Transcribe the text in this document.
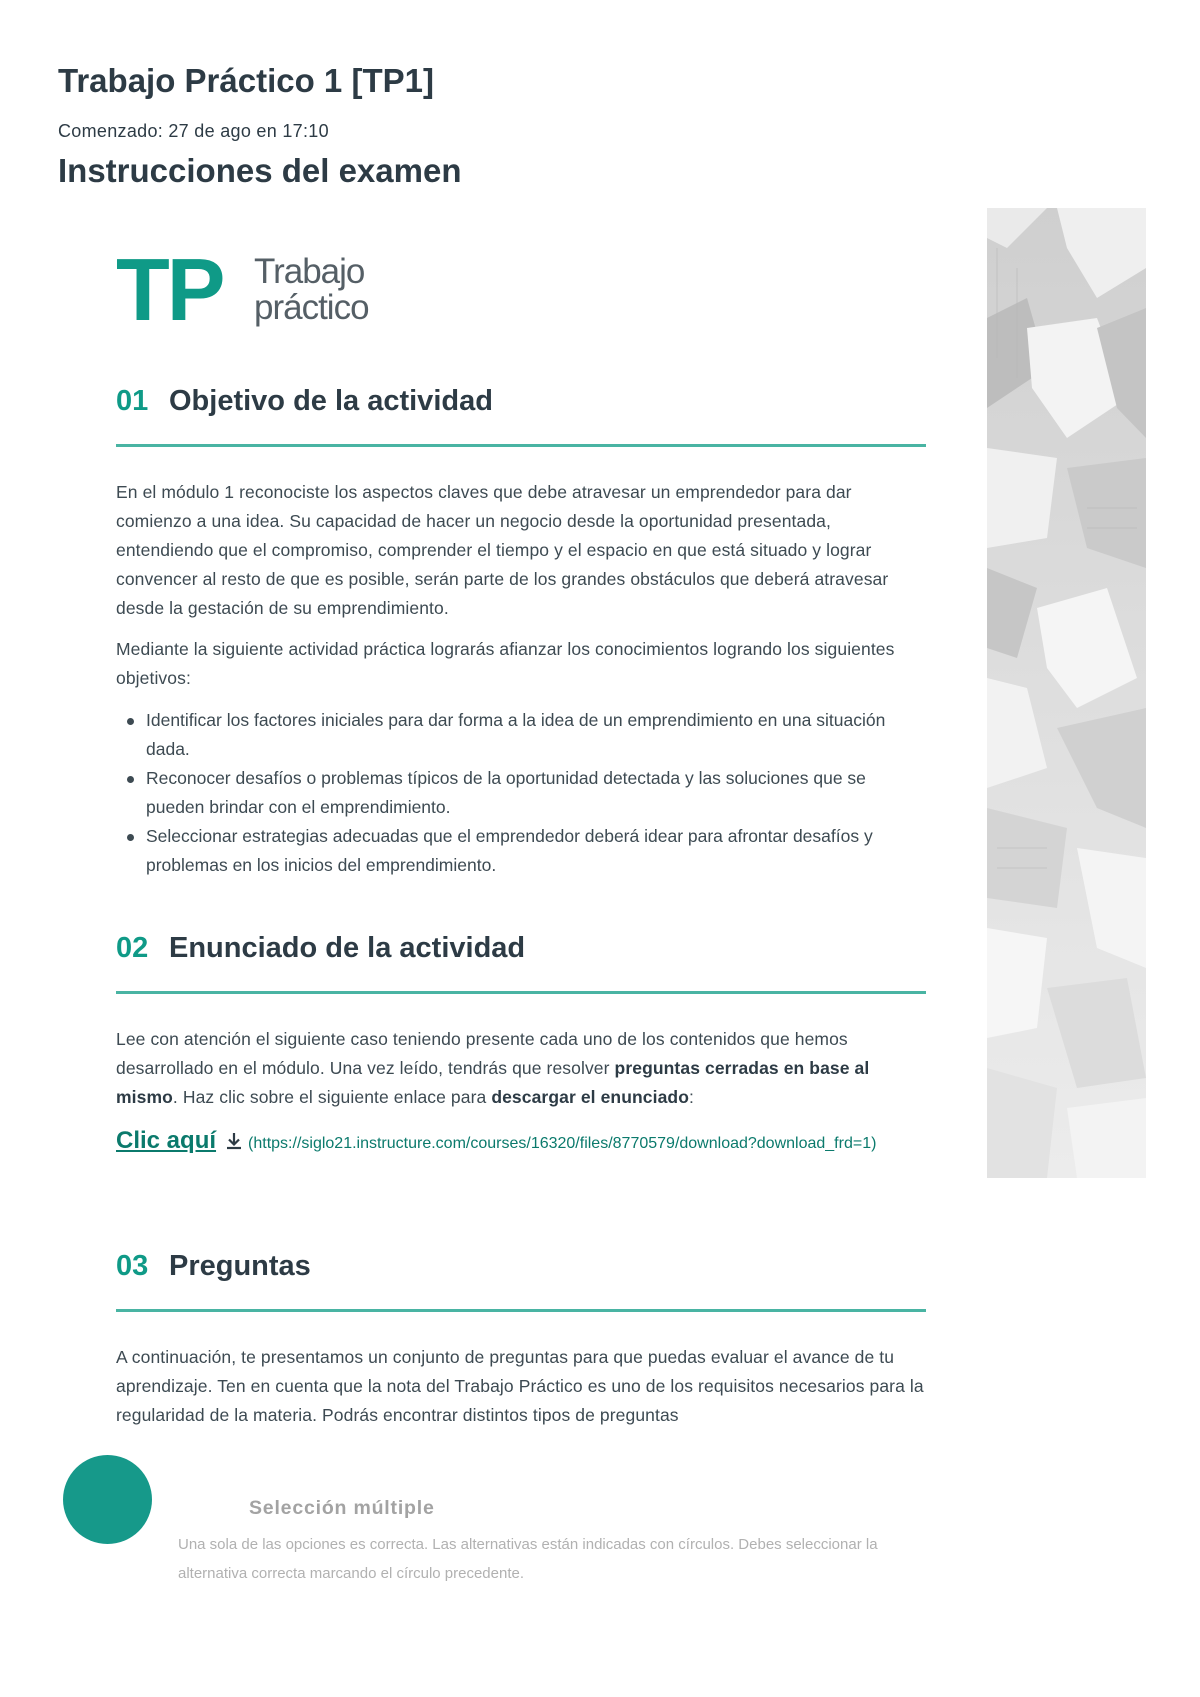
Trabajo Práctico 1 [TP1]
Comenzado: 27 de ago en 17:10
Instrucciones del examen
TP Trabajo
práctico
01 Objetivo de la actividad

En el módulo 1 reconociste los aspectos claves que debe atravesar un emprendedor para dar comienzo a una idea. Su capacidad de hacer un negocio desde la oportunidad presentada, entendiendo que el compromiso, comprender el tiempo y el espacio en que está situado y lograr convencer al resto de que es posible, serán parte de los grandes obstáculos que deberá atravesar desde la gestación de su emprendimiento.

Mediante la siguiente actividad práctica lograrás afianzar los conocimientos logrando los siguientes objetivos:

Identificar los factores iniciales para dar forma a la idea de un emprendimiento en una situación dada.
Reconocer desafíos o problemas típicos de la oportunidad detectada y las soluciones que se pueden brindar con el emprendimiento.
Seleccionar estrategias adecuadas que el emprendedor deberá idear para afrontar desafíos y problemas en los inicios del emprendimiento.
02 Enunciado de la actividad

Lee con atención el siguiente caso teniendo presente cada uno de los contenidos que hemos desarrollado en el módulo. Una vez leído, tendrás que resolver preguntas cerradas en base al mismo. Haz clic sobre el siguiente enlace para descargar el enunciado:

Clic aquí (https://siglo21.instructure.com/courses/16320/files/8770579/download?download_frd=1)
03 Preguntas

A continuación, te presentamos un conjunto de preguntas para que puedas evaluar el avance de tu aprendizaje. Ten en cuenta que la nota del Trabajo Práctico es uno de los requisitos necesarios para la regularidad de la materia. Podrás encontrar distintos tipos de preguntas

Selección múltiple
Una sola de las opciones es correcta. Las alternativas están indicadas con círculos. Debes seleccionar la alternativa correcta marcando el círculo precedente.
